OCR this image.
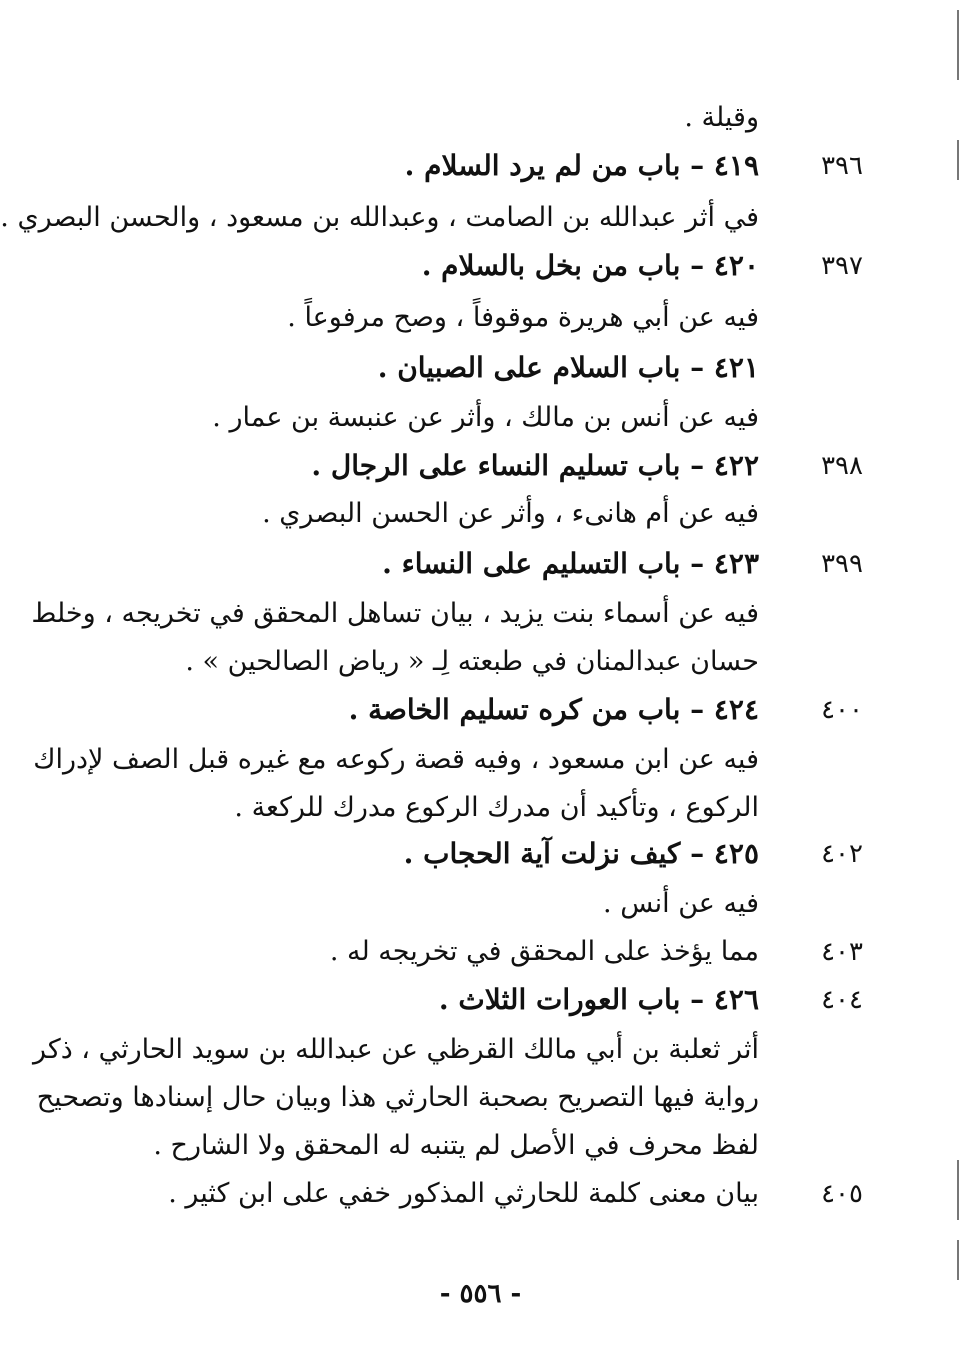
٣٩٦
٣٩٧
٣٩٨
٣٩٩
٤٠٠
٤٠٢
٤٠٣
٤٠٤
٤٠٥
وقيلة .
٤١٩ – باب من لم يرد السلام .
في أثر عبدالله بن الصامت ، وعبدالله بن مسعود ، والحسن البصري .
٤٢٠ – باب من بخل بالسلام .
فيه عن أبي هريرة موقوفاً ، وصح مرفوعاً .
٤٢١ – باب السلام على الصبيان .
فيه عن أنس بن مالك ، وأثر عن عنبسة بن عمار .
٤٢٢ – باب تسليم النساء على الرجال .
فيه عن أم هانىء ، وأثر عن الحسن البصري .
٤٢٣ – باب التسليم على النساء .
فيه عن أسماء بنت يزيد ، بيان تساهل المحقق في تخريجه ، وخلط
حسان عبدالمنان في طبعته لِـ « رياض الصالحين » .
٤٢٤ – باب من كره تسليم الخاصة .
فيه عن ابن مسعود ، وفيه قصة ركوعه مع غيره قبل الصف لإدراك
الركوع ، وتأكيد أن مدرك الركوع مدرك للركعة .
٤٢٥ – كيف نزلت آية الحجاب .
فيه عن أنس .
مما يؤخذ على المحقق في تخريجه له .
٤٢٦ – باب العورات الثلاث .
أثر ثعلبة بن أبي مالك القرظي عن عبدالله بن سويد الحارثي ، ذكر
رواية فيها التصريح بصحبة الحارثي هذا وبيان حال إسنادها وتصحيح
لفظ محرف في الأصل لم يتنبه له المحقق ولا الشارح .
بيان معنى كلمة للحارثي المذكور خفي على ابن كثير .
- ٥٥٦ -
